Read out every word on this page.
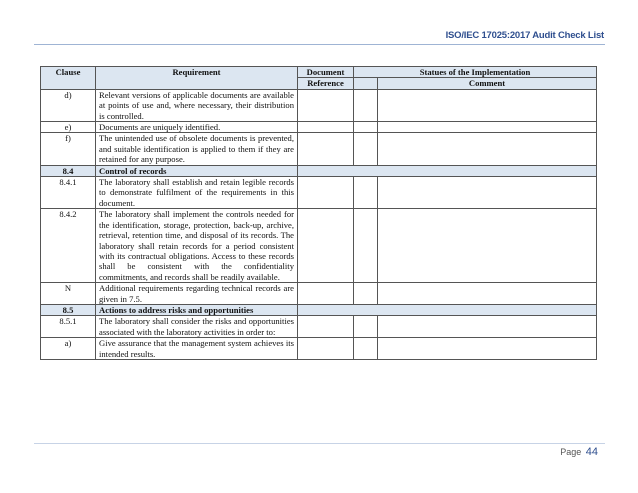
ISO/IEC 17025:2017 Audit Check List
Clause	Requirement	Document	Statues of the Implementation	
		Reference		Comment
d)	Relevant versions of applicable documents are available at points of use and, where necessary, their distribution is controlled.			
e)	Documents are uniquely identified.			
f)	The unintended use of obsolete documents is prevented, and suitable identification is applied to them if they are retained for any purpose.			
8.4	Control of records			
8.4.1	The laboratory shall establish and retain legible records to demonstrate fulfilment of the requirements in this document.			
8.4.2	The laboratory shall implement the controls needed for the identification, storage, protection, back-up, archive, retrieval, retention time, and disposal of its records. The laboratory shall retain records for a period consistent with its contractual obligations. Access to these records shall be consistent with the confidentiality commitments, and records shall be readily available.			
N	Additional requirements regarding technical records are given in 7.5.			
8.5	Actions to address risks and opportunities			
8.5.1	The laboratory shall consider the risks and opportunities associated with the laboratory activities in order to:			
a)	Give assurance that the management system achieves its intended results.			
Page 44
